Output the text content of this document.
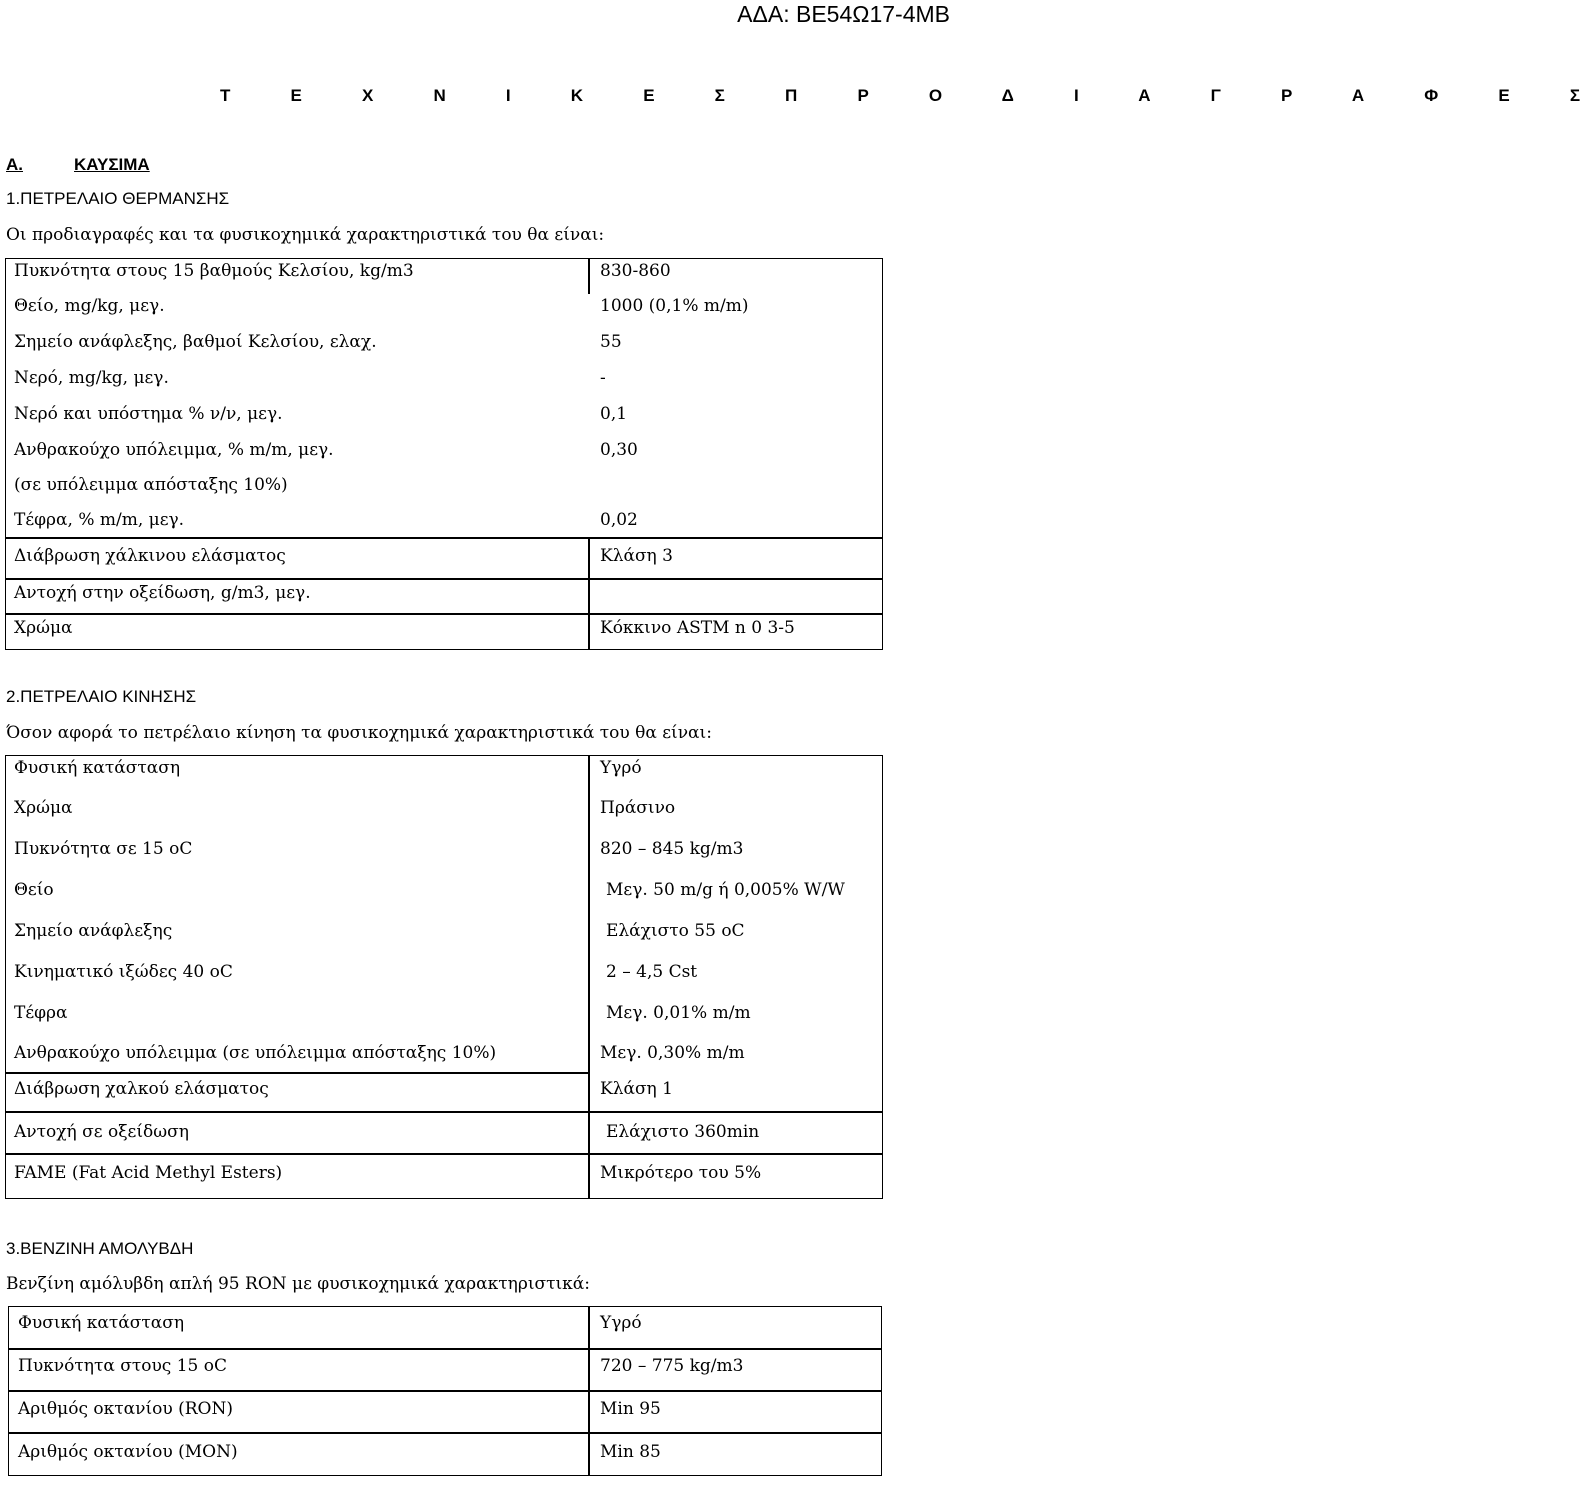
ΑΔΑ: ΒΕ54Ω17-4ΜΒ
Τ Ε Χ Ν Ι Κ Ε Σ Π Ρ Ο Δ Ι Α Γ Ρ Α Φ Ε Σ
Α.	ΚΑΥΣΙΜΑ
1.ΠΕΤΡΕΛΑΙΟ ΘΕΡΜΑΝΣΗΣ
Οι προδιαγραφές και τα φυσικοχημικά χαρακτηριστικά του θα είναι:
Πυκνότητα στους 15 βαθμούς Κελσίου, kg/m3	830-860
Θείο, mg/kg, μεγ.	1000 (0,1% m/m)
Σημείο ανάφλεξης, βαθμοί Κελσίου, ελαχ.	55
Νερό, mg/kg, μεγ.	-
Νερό και υπόστημα % ν/ν, μεγ.	0,1
Ανθρακούχο υπόλειμμα, % m/m, μεγ.	0,30
(σε υπόλειμμα απόσταξης 10%)
Τέφρα, % m/m, μεγ.	0,02
Διάβρωση χάλκινου ελάσματος	Κλάση 3
Αντοχή στην οξείδωση, g/m3, μεγ.
Χρώμα	Κόκκινο ASTM n 0 3-5
2.ΠΕΤΡΕΛΑΙΟ ΚΙΝΗΣΗΣ
Όσον αφορά το πετρέλαιο κίνηση τα φυσικοχημικά χαρακτηριστικά του θα είναι:
Φυσική κατάσταση	Υγρό
Χρώμα	Πράσινο
Πυκνότητα σε 15 oC	820 – 845 kg/m3
Θείο	Μεγ. 50 m/g ή 0,005% W/W
Σημείο ανάφλεξης	Ελάχιστο 55 oC
Κινηματικό ιξώδες 40 oC	2 – 4,5 Cst
Τέφρα	Μεγ. 0,01% m/m
Ανθρακούχο υπόλειμμα (σε υπόλειμμα απόσταξης 10%)	Μεγ. 0,30% m/m
Διάβρωση χαλκού ελάσματος	Κλάση 1
Αντοχή σε οξείδωση	Ελάχιστο 360min
FAME (Fat Acid Methyl Esters)	Μικρότερο του 5%
3.ΒΕΝΖΙΝΗ ΑΜΟΛΥΒΔΗ
Βενζίνη αμόλυβδη απλή 95 RON με φυσικοχημικά χαρακτηριστικά:
Φυσική κατάσταση	Υγρό
Πυκνότητα στους 15 oC	720 – 775 kg/m3
Αριθμός οκτανίου (RON)	Min 95
Αριθμός οκτανίου (MON)	Min 85
